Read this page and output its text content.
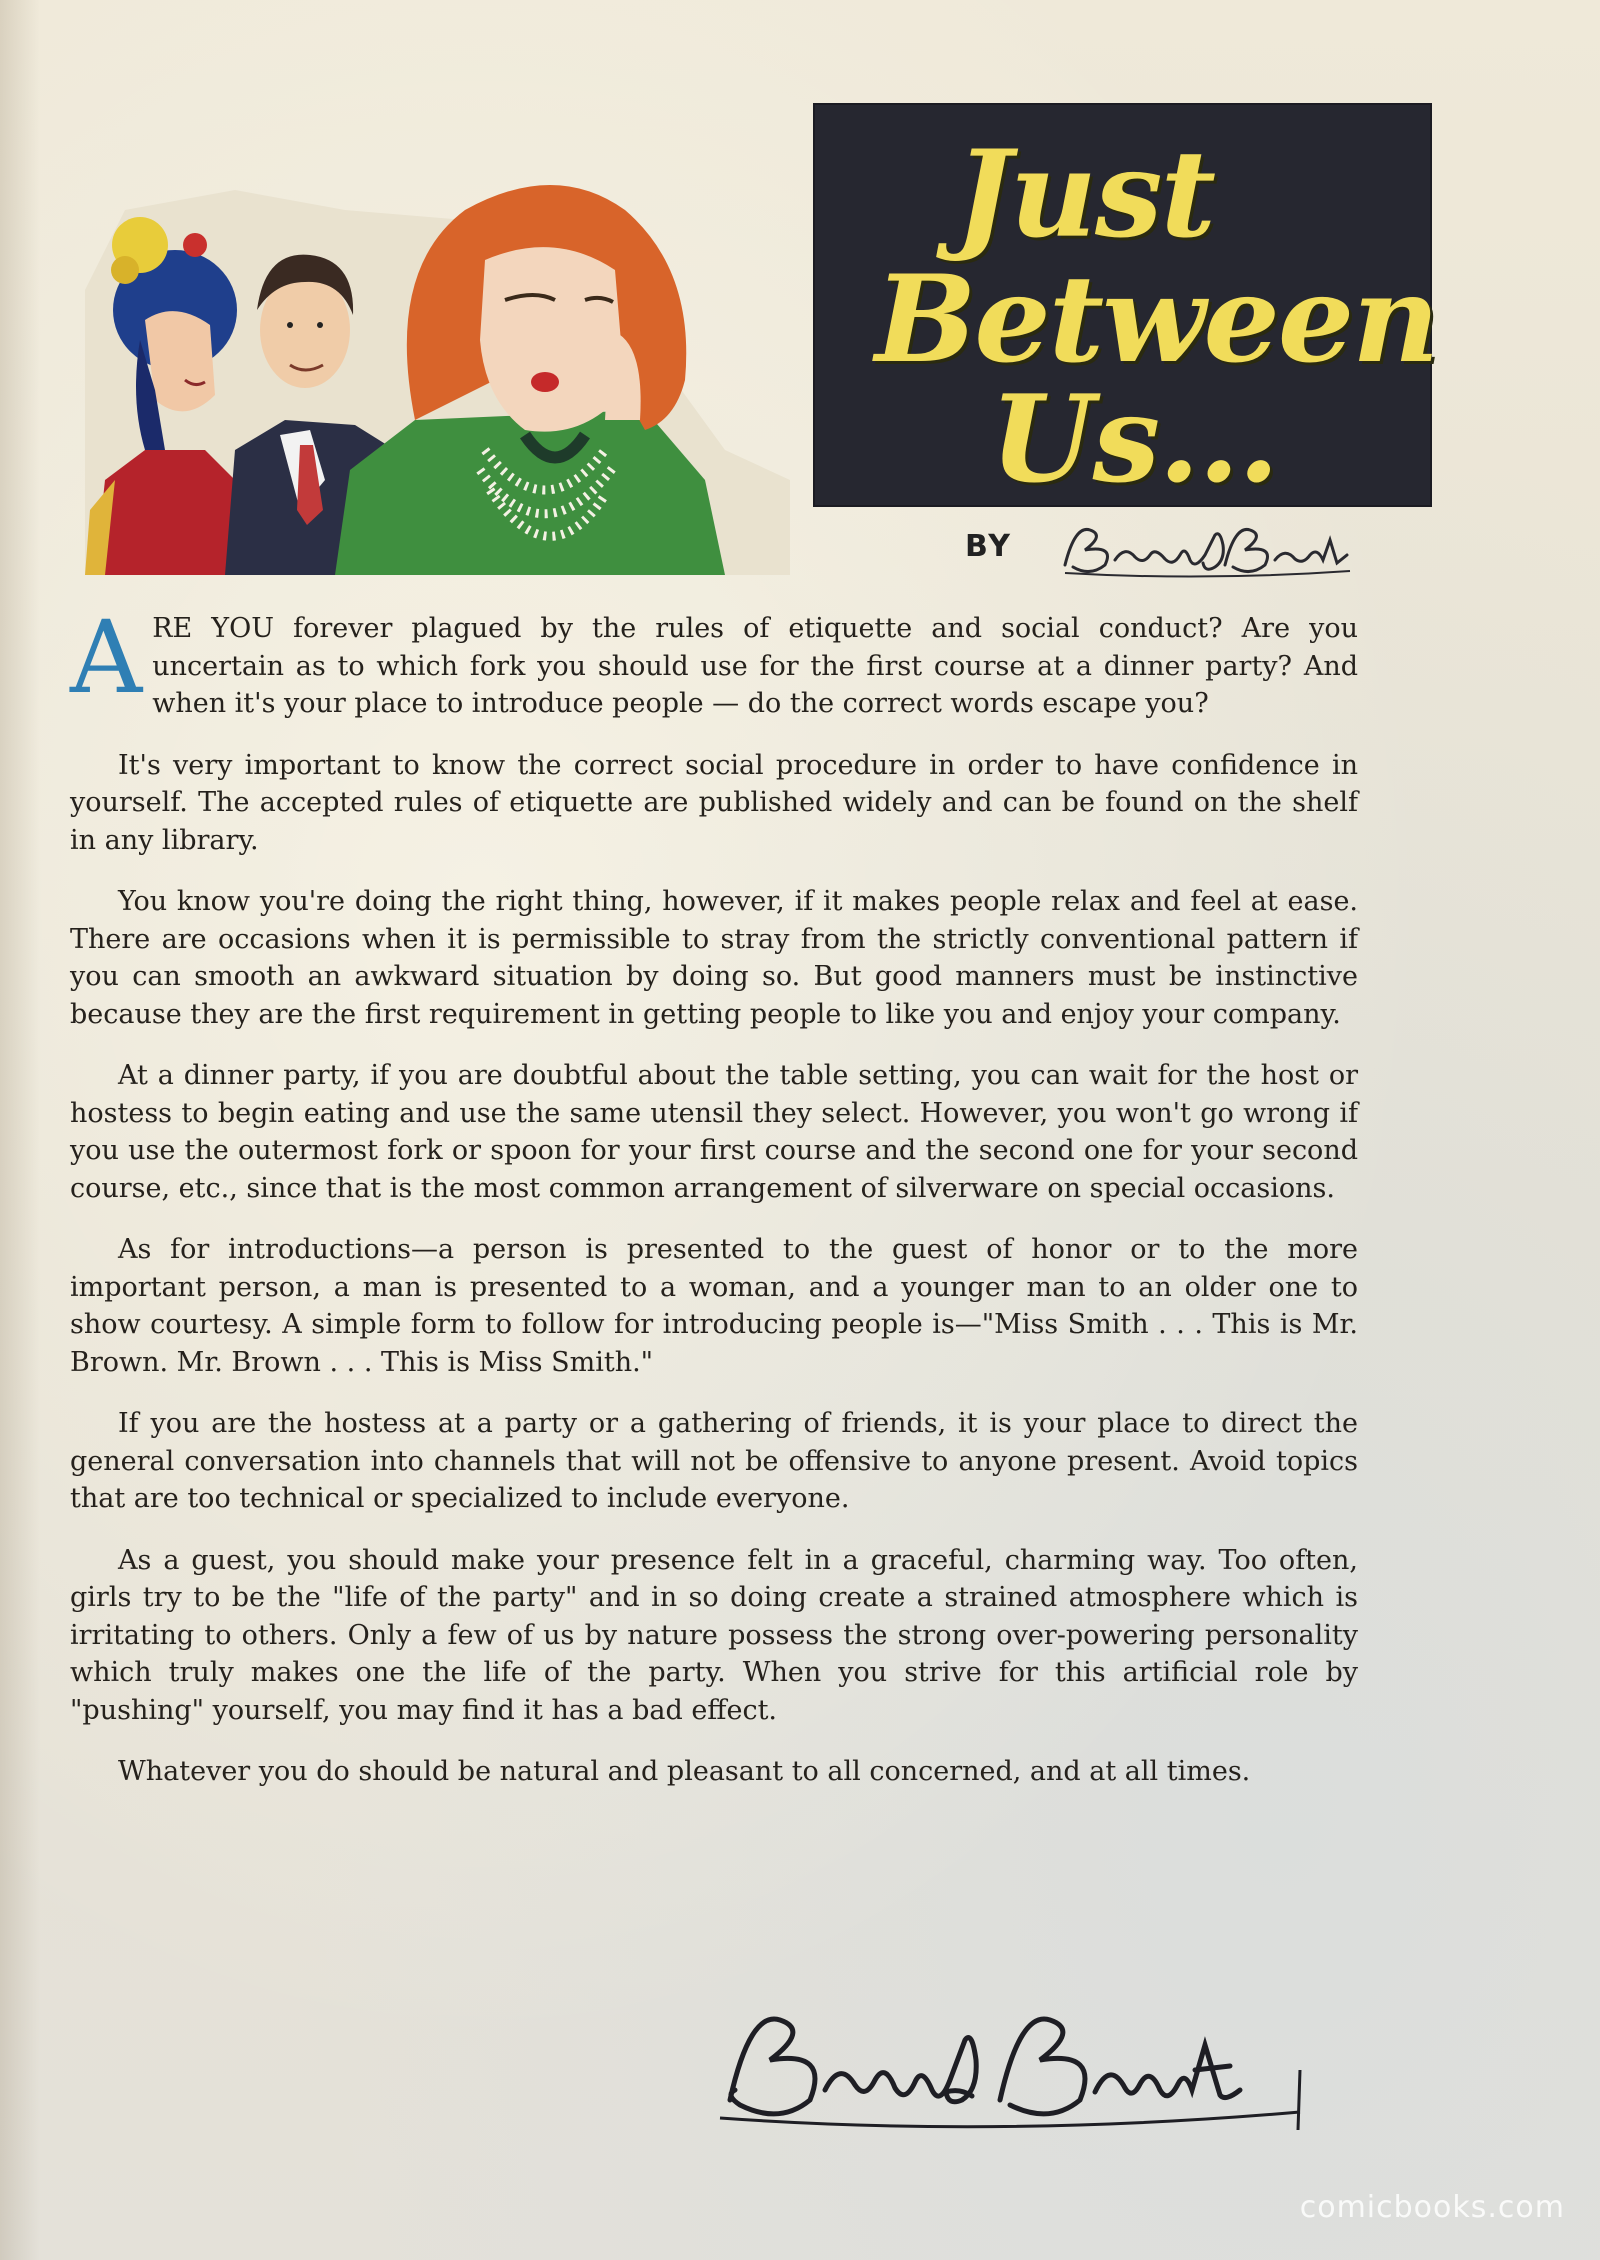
Just
Between
Us...
BY

ARE YOU forever plagued by the rules of etiquette and social conduct? Are you uncertain as to which fork you should use for the first course at a dinner party? And when it's your place to introduce people — do the correct words escape you?

It's very important to know the correct social procedure in order to have confidence in yourself. The accepted rules of etiquette are published widely and can be found on the shelf in any library.

You know you're doing the right thing, however, if it makes people relax and feel at ease. There are occasions when it is permissible to stray from the strictly conventional pattern if you can smooth an awkward situation by doing so. But good manners must be instinctive because they are the first requirement in getting people to like you and enjoy your company.

At a dinner party, if you are doubtful about the table setting, you can wait for the host or hostess to begin eating and use the same utensil they select. However, you won't go wrong if you use the outermost fork or spoon for your first course and the second one for your second course, etc., since that is the most common arrangement of silverware on special occasions.

As for introductions—a person is presented to the guest of honor or to the more important person, a man is presented to a woman, and a younger man to an older one to show courtesy. A simple form to follow for introducing people is—"Miss Smith . . . This is Mr. Brown. Mr. Brown . . . This is Miss Smith."

If you are the hostess at a party or a gathering of friends, it is your place to direct the general conversation into channels that will not be offensive to anyone present. Avoid topics that are too technical or specialized to include everyone.

As a guest, you should make your presence felt in a graceful, charming way. Too often, girls try to be the "life of the party" and in so doing create a strained atmosphere which is irritating to others. Only a few of us by nature possess the strong over-powering personality which truly makes one the life of the party. When you strive for this artificial role by "pushing" yourself, you may find it has a bad effect.

Whatever you do should be natural and pleasant to all concerned, and at all times.

comicbooks.com
